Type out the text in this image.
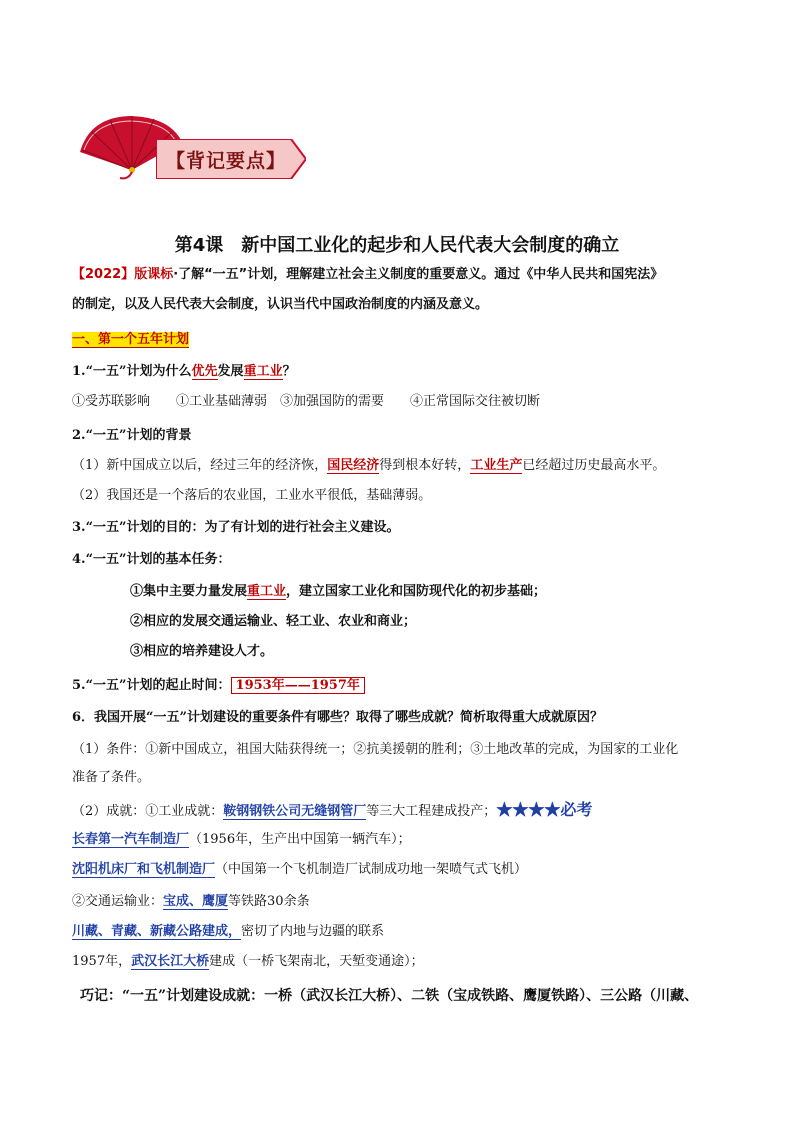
【背记要点】
第4课　新中国工业化的起步和人民代表大会制度的确立
【2022】版课标·了解“一五”计划，理解建立社会主义制度的重要意义。通过《中华人民共和国宪法》
的制定，以及人民代表大会制度，认识当代中国政治制度的内涵及意义。
一、第一个五年计划
1.“一五”计划为什么优先发展重工业？
①受苏联影响　　①工业基础薄弱　③加强国防的需要　　④正常国际交往被切断
2.“一五”计划的背景
（1）新中国成立以后，经过三年的经济恢，国民经济得到根本好转，工业生产已经超过历史最高水平。
（2）我国还是一个落后的农业国，工业水平很低，基础薄弱。
3.“一五”计划的目的：为了有计划的进行社会主义建设。
4.“一五”计划的基本任务：
①集中主要力量发展重工业，建立国家工业化和国防现代化的初步基础；
②相应的发展交通运输业、轻工业、农业和商业；
③相应的培养建设人才。
5.“一五”计划的起止时间： 1953年——1957年
6．我国开展“一五”计划建设的重要条件有哪些？取得了哪些成就？简析取得重大成就原因？
（1）条件：①新中国成立，祖国大陆获得统一；②抗美援朝的胜利；③土地改革的完成，为国家的工业化
准备了条件。
（2）成就：①工业成就：鞍钢钢铁公司无缝钢管厂等三大工程建成投产；★★★★必考
长春第一汽车制造厂（1956年，生产出中国第一辆汽车）；
沈阳机床厂和飞机制造厂（中国第一个飞机制造厂试制成功地一架喷气式飞机）
②交通运输业：宝成、鹰厦等铁路30余条
川藏、青藏、新藏公路建成，密切了内地与边疆的联系
1957年，武汉长江大桥建成（一桥飞架南北，天堑变通途）；
巧记：“一五”计划建设成就：一桥（武汉长江大桥）、二铁（宝成铁路、鹰厦铁路）、三公路（川藏、
